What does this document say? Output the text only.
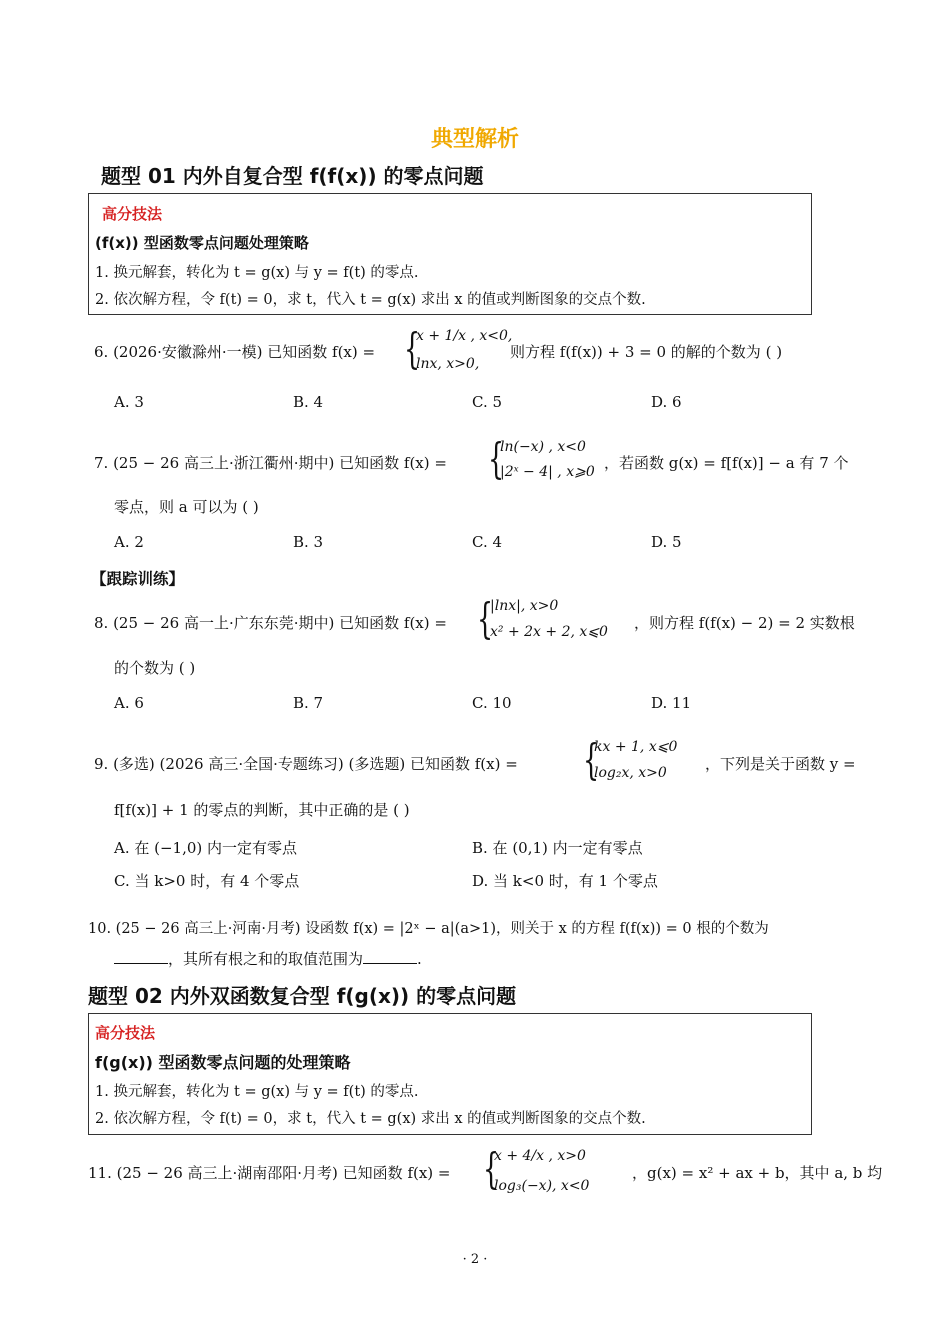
典型解析
题型 01 内外自复合型 f(f(x)) 的零点问题
高分技法
(f(x)) 型函数零点问题处理策略
1. 换元解套，转化为 t = g(x) 与 y = f(t) 的零点.
2. 依次解方程，令 f(t) = 0，求 t，代入 t = g(x) 求出 x 的值或判断图象的交点个数.
6. (2026·安徽滁州·一模) 已知函数 f(x) = {
x + 1/x , x<0,
lnx, x>0,
则方程 f(f(x)) + 3 = 0 的解的个数为 ( )
A. 3	B. 4	C. 5	D. 6
7. (25 − 26 高三上·浙江衢州·期中) 已知函数 f(x) = {
ln(−x) , x<0
|2ˣ − 4| , x⩾0 ，若函数 g(x) = f[f(x)] − a 有 7 个
零点，则 a 可以为 ( )
A. 2	B. 3	C. 4	D. 5
【跟踪训练】
8. (25 − 26 高一上·广东东莞·期中) 已知函数 f(x) = {
|lnx|, x>0
x² + 2x + 2, x⩽0 ，则方程 f(f(x) − 2) = 2 实数根
的个数为 ( )
A. 6	B. 7	C. 10	D. 11
9. (多选) (2026 高三·全国·专题练习) (多选题) 已知函数 f(x) = {
kx + 1, x⩽0
log₂x, x>0	，下列是关于函数 y =
f[f(x)] + 1 的零点的判断，其中正确的是 ( )
A. 在 (−1,0) 内一定有零点	B. 在 (0,1) 内一定有零点
C. 当 k>0 时，有 4 个零点	D. 当 k<0 时，有 1 个零点
10. (25 − 26 高三上·河南·月考) 设函数 f(x) = |2ˣ − a|(a>1)，则关于 x 的方程 f(f(x)) = 0 根的个数为
，其所有根之和的取值范围为	.
题型 02 内外双函数复合型 f(g(x)) 的零点问题
高分技法
f(g(x)) 型函数零点问题的处理策略
1. 换元解套，转化为 t = g(x) 与 y = f(t) 的零点.
2. 依次解方程，令 f(t) = 0，求 t，代入 t = g(x) 求出 x 的值或判断图象的交点个数.
11. (25 − 26 高三上·湖南邵阳·月考) 已知函数 f(x) = {
x + 4/x , x>0
log₃(−x), x<0
，g(x) = x² + ax + b，其中 a, b 均
· 2 ·
